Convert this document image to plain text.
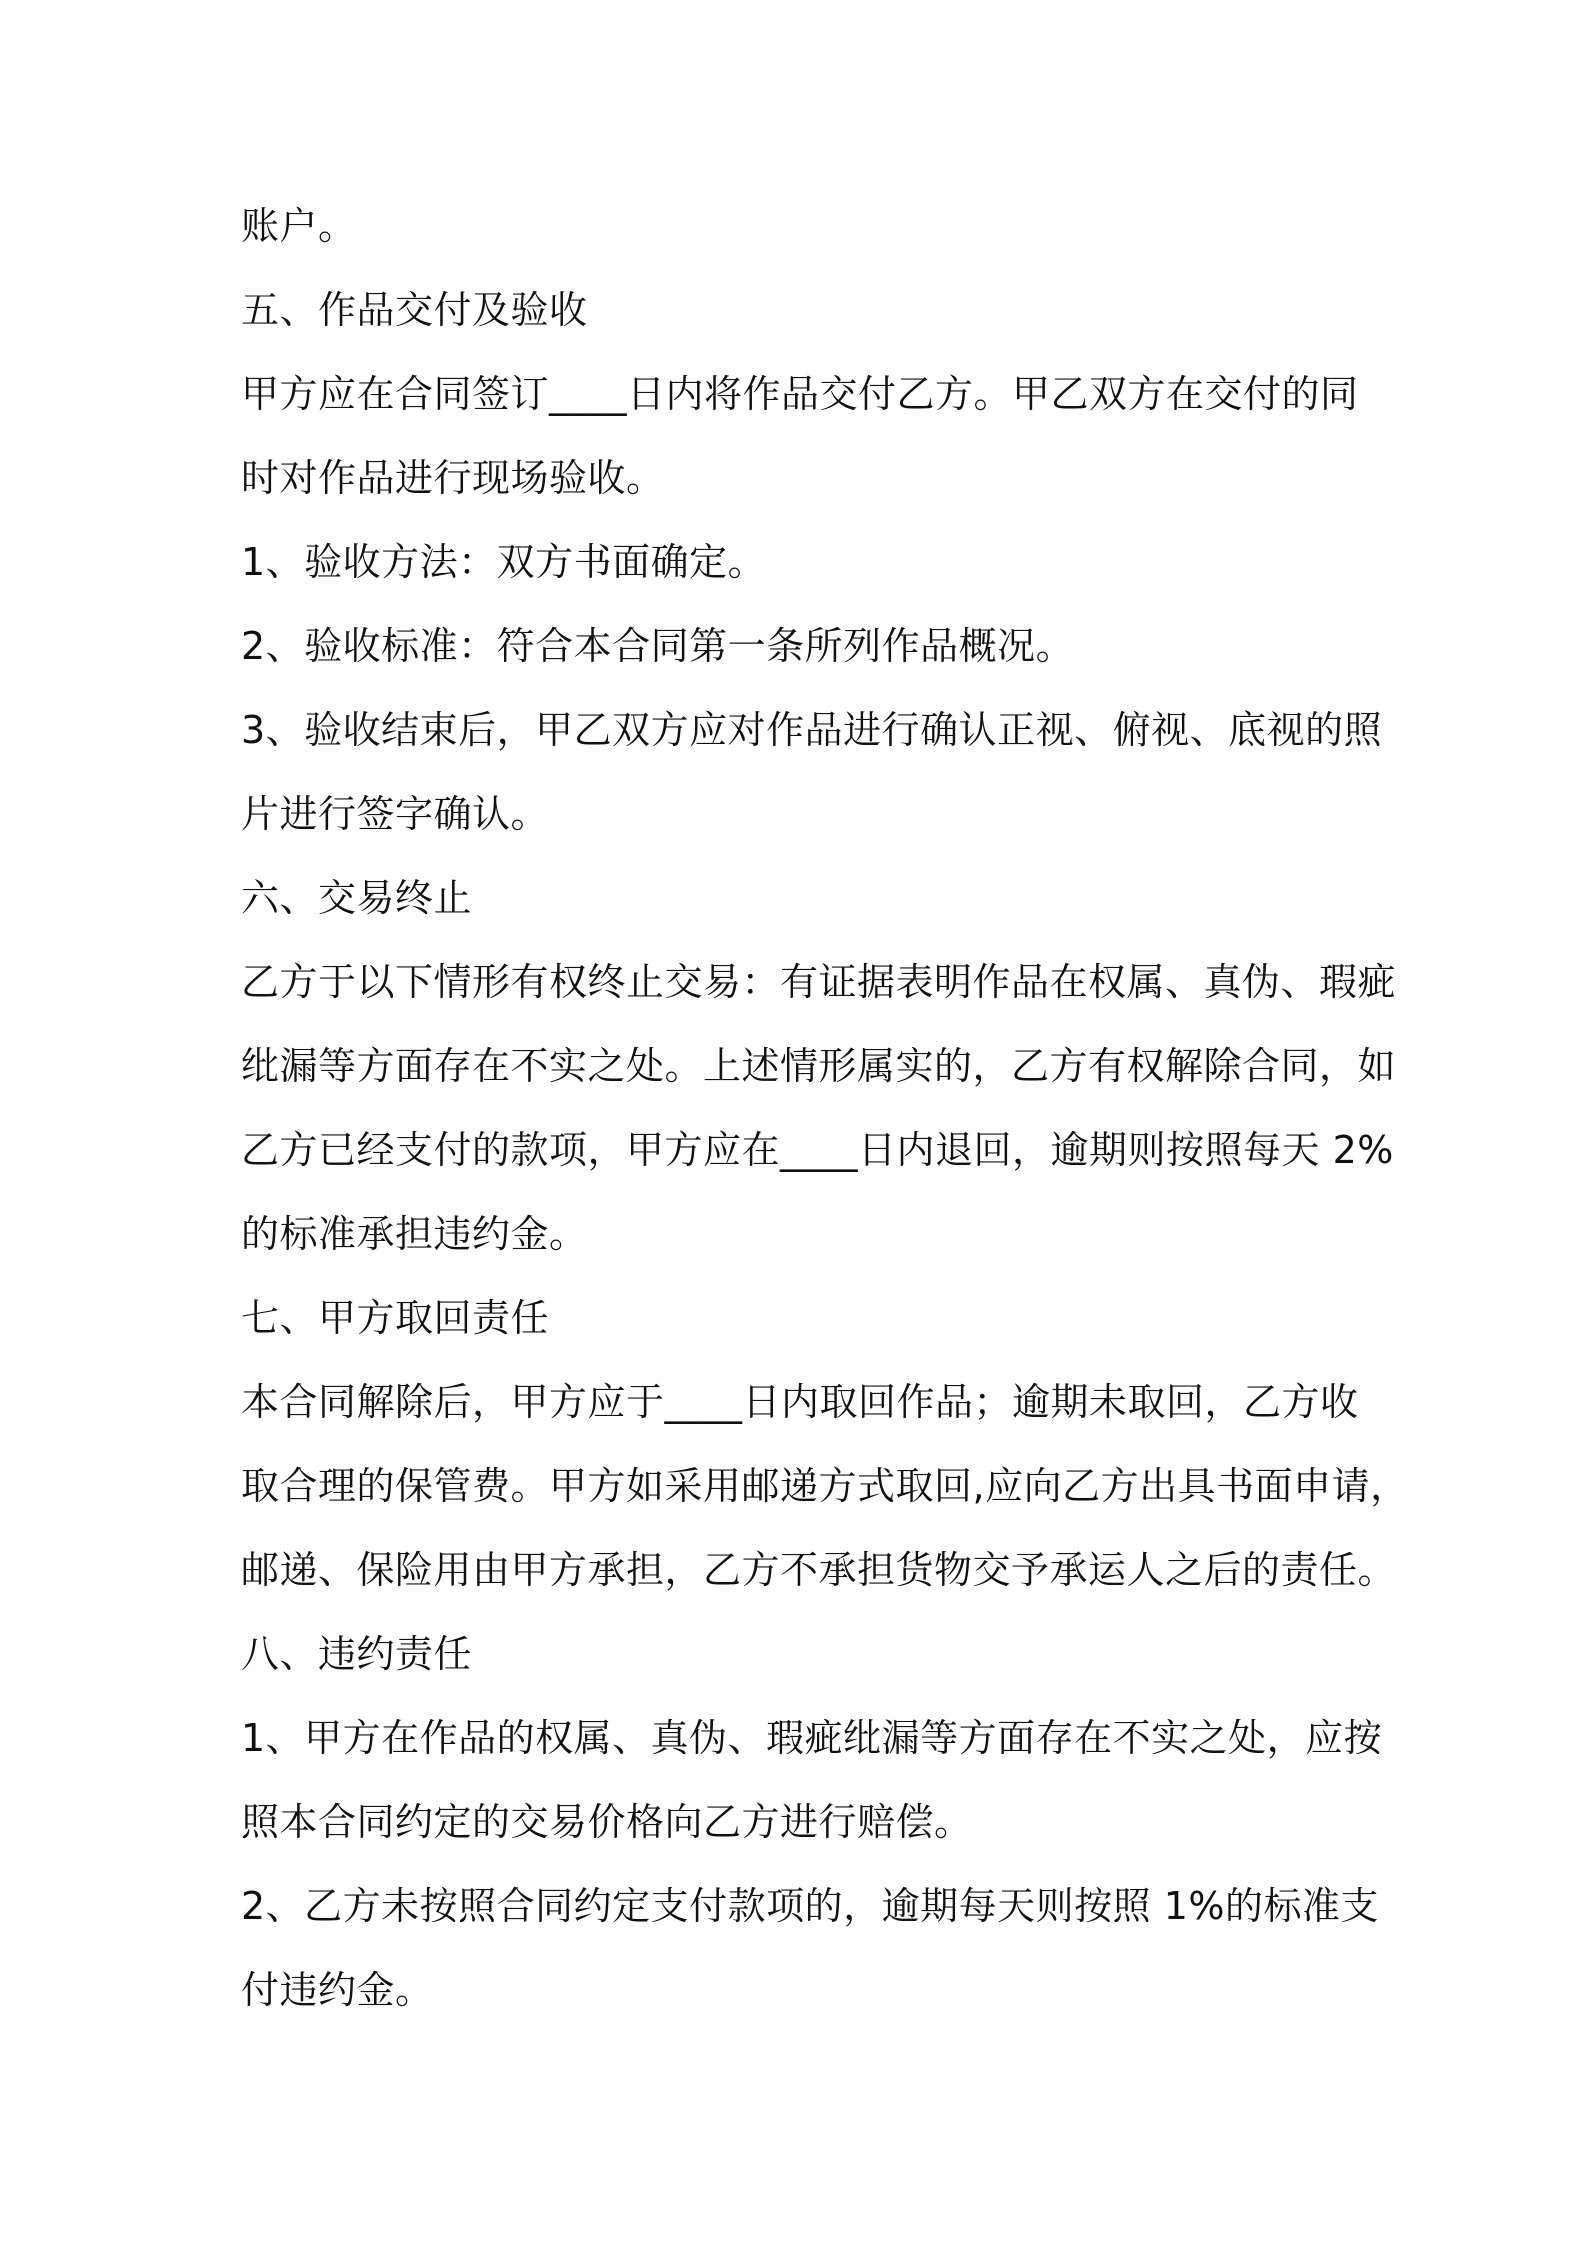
账户。

五、作品交付及验收

甲方应在合同签订____日内将作品交付乙方。甲乙双方在交付的同

时对作品进行现场验收。

1、验收方法：双方书面确定。

2、验收标准：符合本合同第一条所列作品概况。

3、验收结束后，甲乙双方应对作品进行确认正视、俯视、底视的照

片进行签字确认。

六、交易终止

乙方于以下情形有权终止交易：有证据表明作品在权属、真伪、瑕疵

纰漏等方面存在不实之处。上述情形属实的，乙方有权解除合同，如

乙方已经支付的款项，甲方应在____日内退回，逾期则按照每天 2%

的标准承担违约金。

七、甲方取回责任

本合同解除后，甲方应于____日内取回作品；逾期未取回，乙方收

取合理的保管费。甲方如采用邮递方式取回,应向乙方出具书面申请，

邮递、保险用由甲方承担，乙方不承担货物交予承运人之后的责任。

八、违约责任

1、甲方在作品的权属、真伪、瑕疵纰漏等方面存在不实之处，应按

照本合同约定的交易价格向乙方进行赔偿。

2、乙方未按照合同约定支付款项的，逾期每天则按照 1%的标准支

付违约金。
